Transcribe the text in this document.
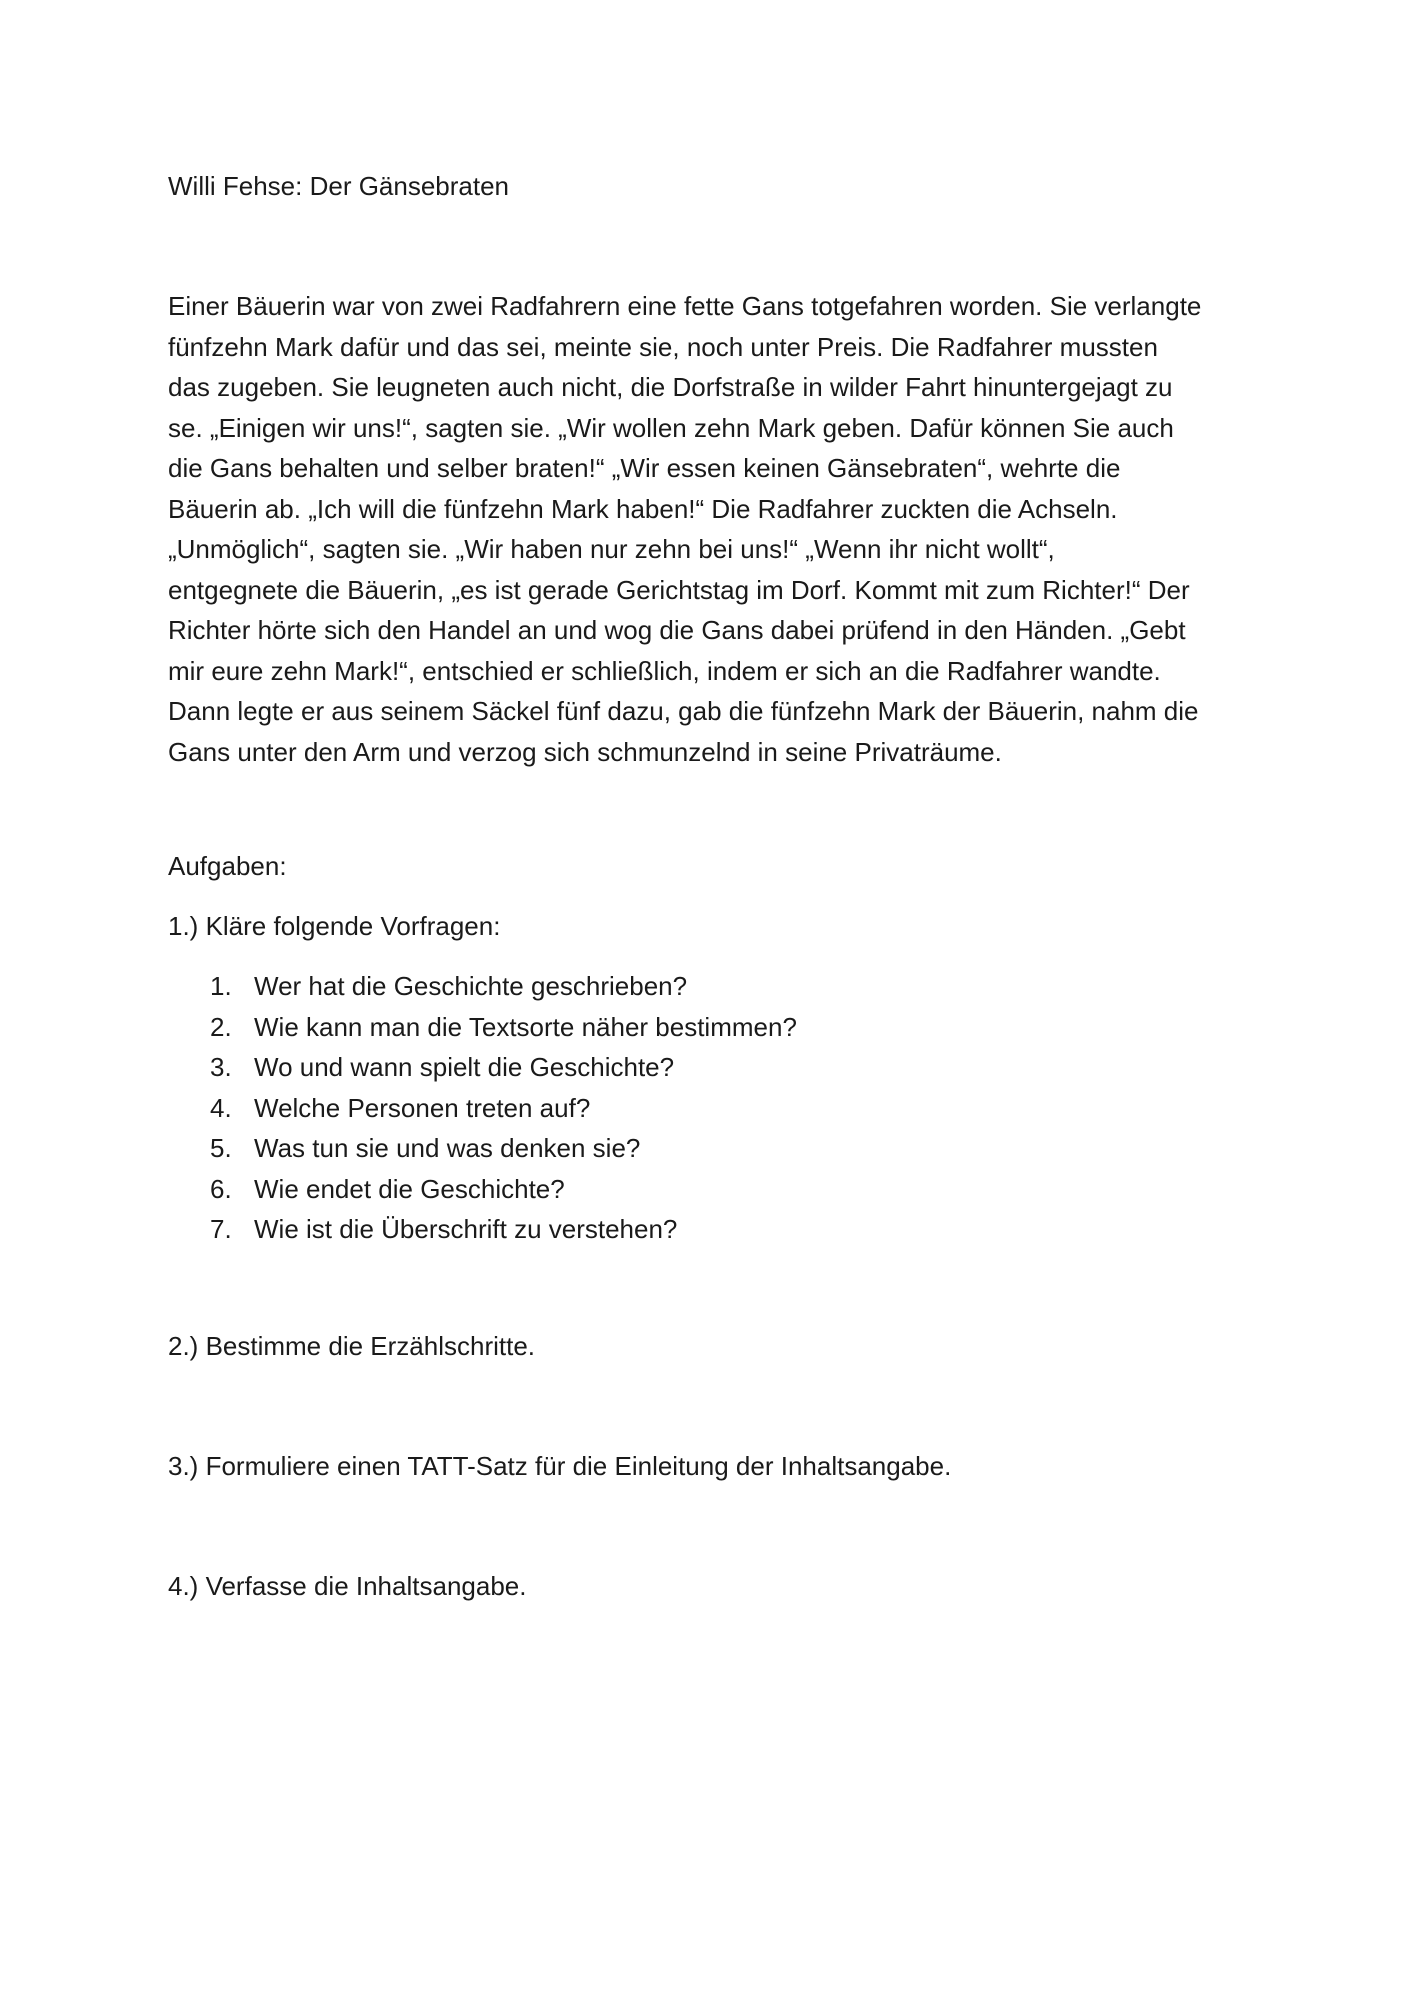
Willi Fehse: Der Gänsebraten
Einer Bäuerin war von zwei Radfahrern eine fette Gans totgefahren worden. Sie verlangte
fünfzehn Mark dafür und das sei, meinte sie, noch unter Preis. Die Radfahrer mussten
das zugeben. Sie leugneten auch nicht, die Dorfstraße in wilder Fahrt hinuntergejagt zu
se. „Einigen wir uns!“, sagten sie. „Wir wollen zehn Mark geben. Dafür können Sie auch
die Gans behalten und selber braten!“ „Wir essen keinen Gänsebraten“, wehrte die
Bäuerin ab. „Ich will die fünfzehn Mark haben!“ Die Radfahrer zuckten die Achseln.
„Unmöglich“, sagten sie. „Wir haben nur zehn bei uns!“ „Wenn ihr nicht wollt“,
entgegnete die Bäuerin, „es ist gerade Gerichtstag im Dorf. Kommt mit zum Richter!“ Der
Richter hörte sich den Handel an und wog die Gans dabei prüfend in den Händen. „Gebt
mir eure zehn Mark!“, entschied er schließlich, indem er sich an die Radfahrer wandte.
Dann legte er aus seinem Säckel fünf dazu, gab die fünfzehn Mark der Bäuerin, nahm die
Gans unter den Arm und verzog sich schmunzelnd in seine Privaträume.
Aufgaben:
1.) Kläre folgende Vorfragen:
1. Wer hat die Geschichte geschrieben?
2. Wie kann man die Textsorte näher bestimmen?
3. Wo und wann spielt die Geschichte?
4. Welche Personen treten auf?
5. Was tun sie und was denken sie?
6. Wie endet die Geschichte?
7. Wie ist die Überschrift zu verstehen?
2.) Bestimme die Erzählschritte.
3.) Formuliere einen TATT-Satz für die Einleitung der Inhaltsangabe.
4.) Verfasse die Inhaltsangabe.
